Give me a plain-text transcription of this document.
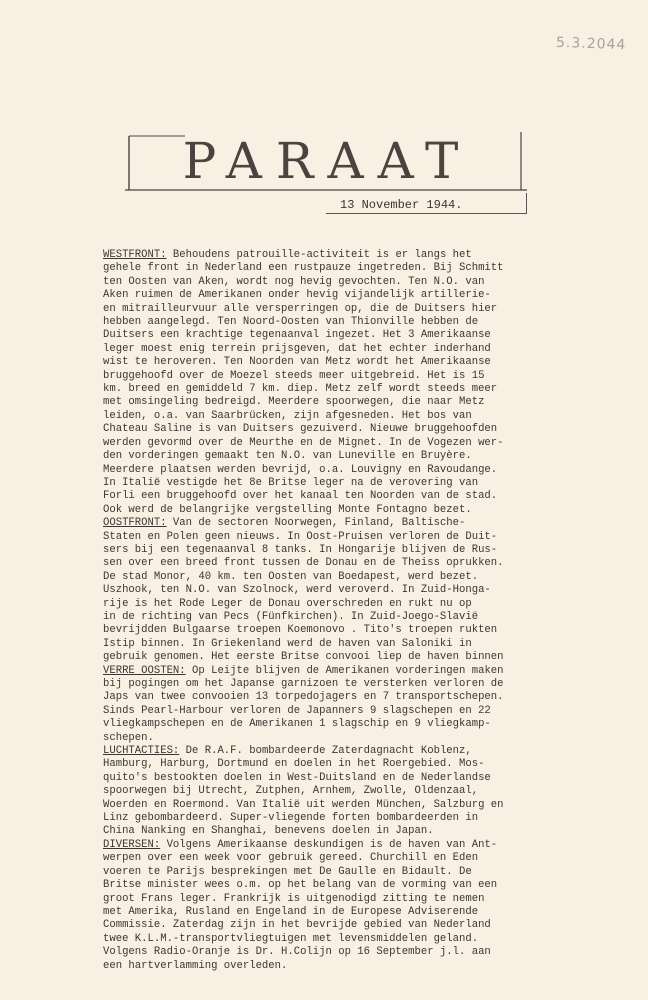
5.3.2044
PARAAT
13 November 1944.
WESTFRONT: Behoudens patrouille-activiteit is er langs het
gehele front in Nederland een rustpauze ingetreden. Bij Schmitt
ten Oosten van Aken, wordt nog hevig gevochten. Ten N.O. van
Aken ruimen de Amerikanen onder hevig vijandelijk artillerie-
en mitrailleurvuur alle versperringen op, die de Duitsers hier
hebben aangelegd. Ten Noord-Oosten van Thionville hebben de
Duitsers een krachtige tegenaanval ingezet. Het 3 Amerikaanse
leger moest enig terrein prijsgeven, dat het echter inderhand
wist te heroveren. Ten Noorden van Metz wordt het Amerikaanse
bruggehoofd over de Moezel steeds meer uitgebreid. Het is 15
km. breed en gemiddeld 7 km. diep. Metz zelf wordt steeds meer
met omsingeling bedreigd. Meerdere spoorwegen, die naar Metz
leiden, o.a. van Saarbrücken, zijn afgesneden. Het bos van
Chateau Saline is van Duitsers gezuiverd. Nieuwe bruggehoofden
werden gevormd over de Meurthe en de Mignet. In de Vogezen wer-
den vorderingen gemaakt ten N.O. van Luneville en Bruyère.
Meerdere plaatsen werden bevrijd, o.a. Louvigny en Ravoudange.
In Italië vestigde het 8e Britse leger na de verovering van
Forli een bruggehoofd over het kanaal ten Noorden van de stad.
Ook werd de belangrijke vergstelling Monte Fontagno bezet.
OOSTFRONT: Van de sectoren Noorwegen, Finland, Baltische-
Staten en Polen geen nieuws. In Oost-Pruisen verloren de Duit-
sers bij een tegenaanval 8 tanks. In Hongarije blijven de Rus-
sen over een breed front tussen de Donau en de Theiss oprukken.
De stad Monor, 40 km. ten Oosten van Boedapest, werd bezet.
Uszhook, ten N.O. van Szolnock, werd veroverd. In Zuid-Honga-
rije is het Rode Leger de Donau overschreden en rukt nu op
in de richting van Pecs (Fünfkirchen). In Zuid-Joego-Slavië
bevrijdden Bulgaarse troepen Koemonovo . Tito's troepen rukten
Istip binnen. In Griekenland werd de haven van Saloniki in
gebruik genomen. Het eerste Britse convooi liep de haven binnen
VERRE OOSTEN: Op Leijte blijven de Amerikanen vorderingen maken
bij pogingen om het Japanse garnizoen te versterken verloren de
Japs van twee convooien 13 torpedojagers en 7 transportschepen.
Sinds Pearl-Harbour verloren de Japanners 9 slagschepen en 22
vliegkampschepen en de Amerikanen 1 slagschip en 9 vliegkamp-
schepen.
LUCHTACTIES: De R.A.F. bombardeerde Zaterdagnacht Koblenz,
Hamburg, Harburg, Dortmund en doelen in het Roergebied. Mos-
quito's bestookten doelen in West-Duitsland en de Nederlandse
spoorwegen bij Utrecht, Zutphen, Arnhem, Zwolle, Oldenzaal,
Woerden en Roermond. Van Italië uit werden München, Salzburg en
Linz gebombardeerd. Super-vliegende forten bombardeerden in
China Nanking en Shanghai, benevens doelen in Japan.
DIVERSEN: Volgens Amerikaanse deskundigen is de haven van Ant-
werpen over een week voor gebruik gereed. Churchill en Eden
voeren te Parijs besprekingen met De Gaulle en Bidault. De
Britse minister wees o.m. op het belang van de vorming van een
groot Frans leger. Frankrijk is uitgenodigd zitting te nemen
met Amerika, Rusland en Engeland in de Europese Adviserende
Commissie. Zaterdag zijn in het bevrijde gebied van Nederland
twee K.L.M.-transportvliegtuigen met levensmiddelen geland.
Volgens Radio-Oranje is Dr. H.Colijn op 16 September j.l. aan
een hartverlamming overleden.
